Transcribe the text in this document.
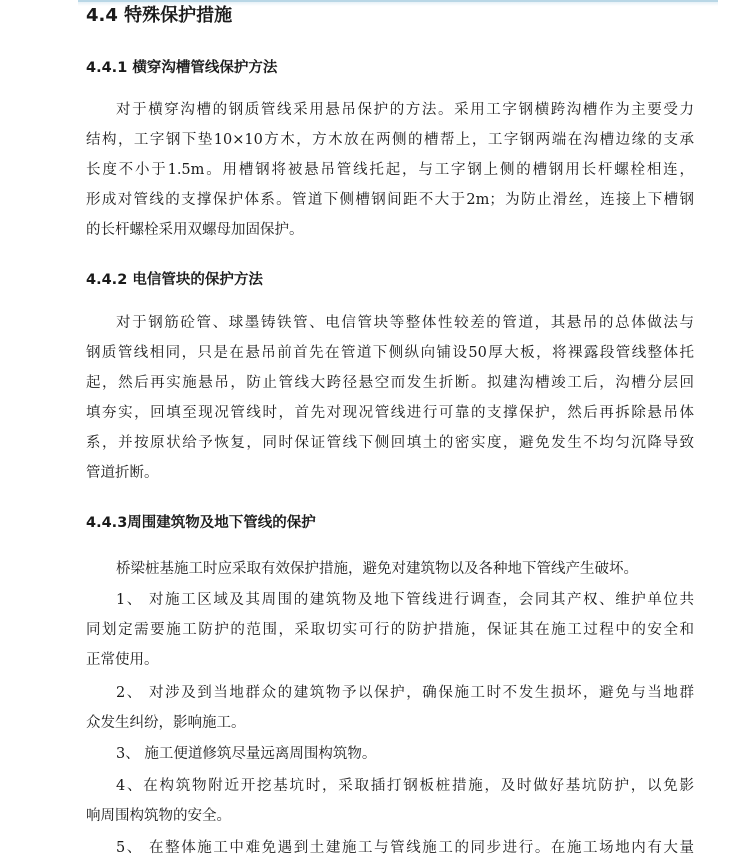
4.4 特殊保护措施
4.4.1 横穿沟槽管线保护方法
对于横穿沟槽的钢质管线采用悬吊保护的方法。采用工字钢横跨沟槽作为主要受力
结构，工字钢下垫10×10方木，方木放在两侧的槽帮上，工字钢两端在沟槽边缘的支承
长度不小于1.5m。用槽钢将被悬吊管线托起，与工字钢上侧的槽钢用长杆螺栓相连，
形成对管线的支撑保护体系。管道下侧槽钢间距不大于2m；为防止滑丝，连接上下槽钢
的长杆螺栓采用双螺母加固保护。
4.4.2 电信管块的保护方法
对于钢筋砼管、球墨铸铁管、电信管块等整体性较差的管道，其悬吊的总体做法与
钢质管线相同，只是在悬吊前首先在管道下侧纵向铺设50厚大板，将裸露段管线整体托
起，然后再实施悬吊，防止管线大跨径悬空而发生折断。拟建沟槽竣工后，沟槽分层回
填夯实，回填至现况管线时，首先对现况管线进行可靠的支撑保护，然后再拆除悬吊体
系，并按原状给予恢复，同时保证管线下侧回填土的密实度，避免发生不均匀沉降导致
管道折断。
4.4.3周围建筑物及地下管线的保护
桥梁桩基施工时应采取有效保护措施，避免对建筑物以及各种地下管线产生破坏。
1、 对施工区域及其周围的建筑物及地下管线进行调查，会同其产权、维护单位共
同划定需要施工防护的范围，采取切实可行的防护措施，保证其在施工过程中的安全和
正常使用。
2、 对涉及到当地群众的建筑物予以保护，确保施工时不发生损坏，避免与当地群
众发生纠纷，影响施工。
3、 施工便道修筑尽量远离周围构筑物。
4、在构筑物附近开挖基坑时，采取插打钢板桩措施，及时做好基坑防护，以免影
响周围构筑物的安全。
5、 在整体施工中难免遇到土建施工与管线施工的同步进行。在施工场地内有大量
